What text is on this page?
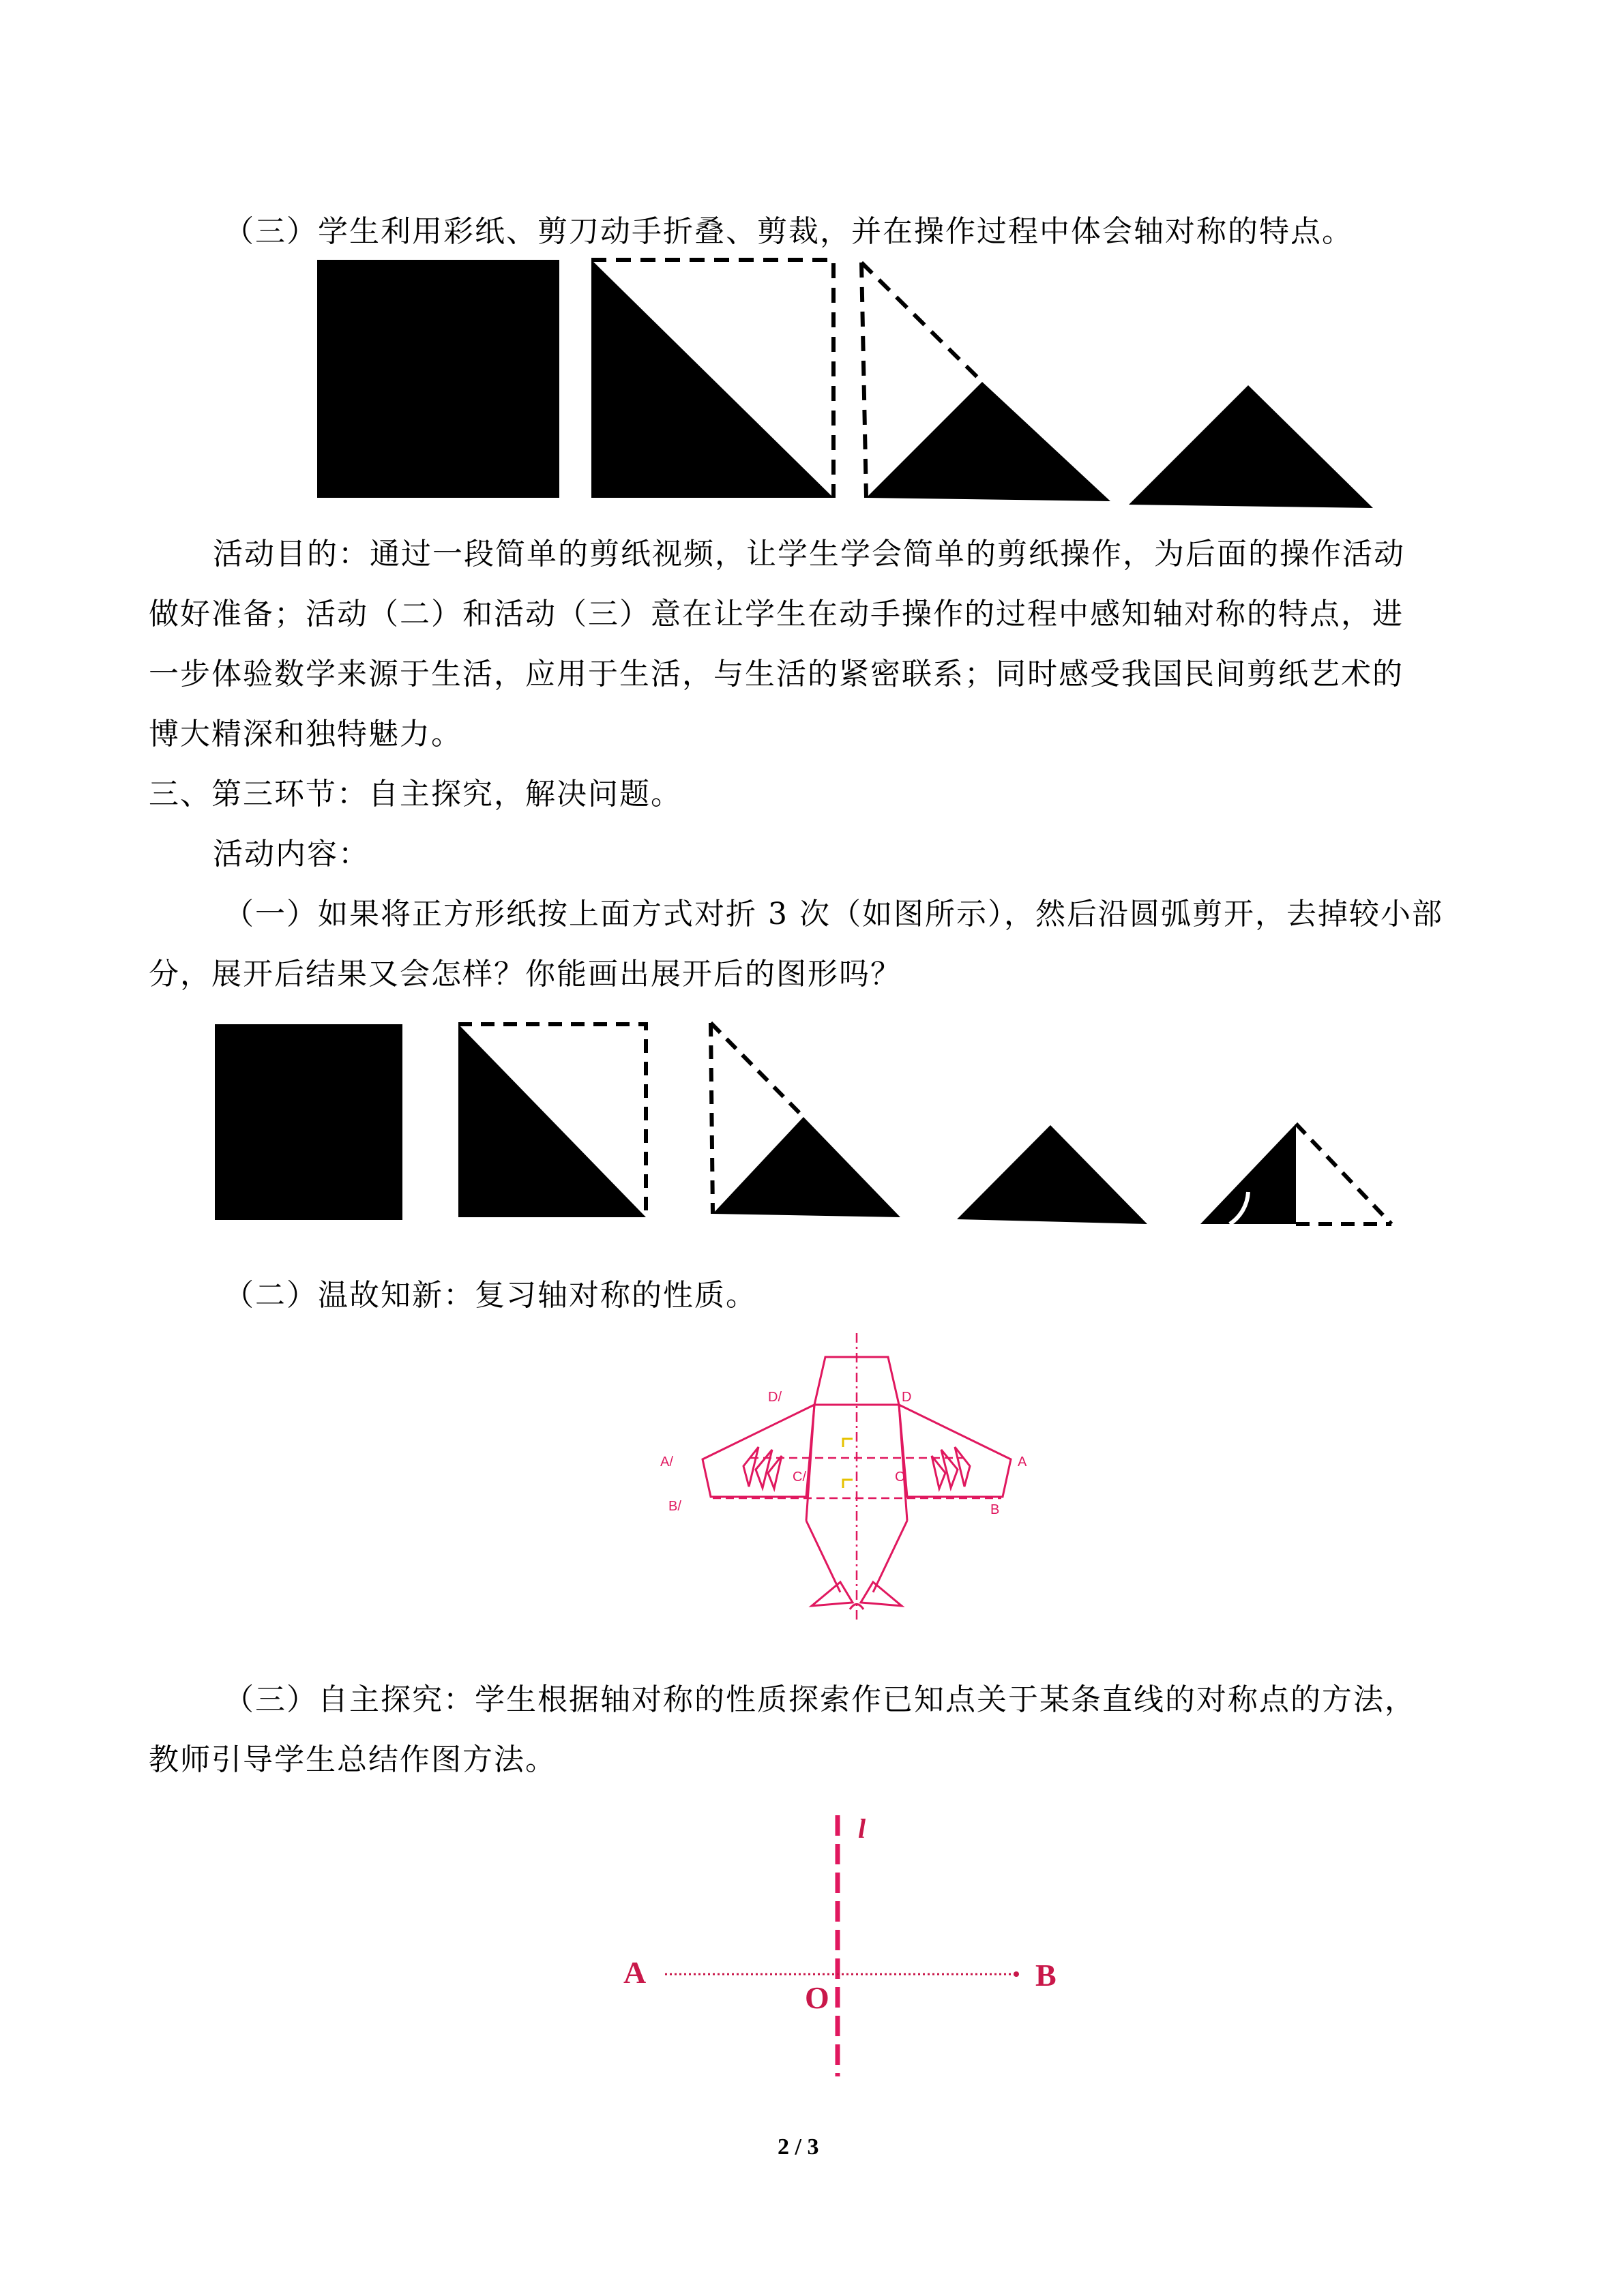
（三）学生利用彩纸、剪刀动手折叠、剪裁，并在操作过程中体会轴对称的特点。
活动目的：通过一段简单的剪纸视频，让学生学会简单的剪纸操作，为后面的操作活动
做好准备；活动（二）和活动（三）意在让学生在动手操作的过程中感知轴对称的特点，进
一步体验数学来源于生活，应用于生活，与生活的紧密联系；同时感受我国民间剪纸艺术的
博大精深和独特魅力。
三、第三环节：自主探究，解决问题。
活动内容：
（一）如果将正方形纸按上面方式对折 3 次（如图所示），然后沿圆弧剪开，去掉较小部
分，展开后结果又会怎样？你能画出展开后的图形吗？
（二）温故知新：复习轴对称的性质。
D/	D
A/	A
B/	B
C/	C
（三）自主探究：学生根据轴对称的性质探索作已知点关于某条直线的对称点的方法，
教师引导学生总结作图方法。
l
A	B
O
2 / 3
